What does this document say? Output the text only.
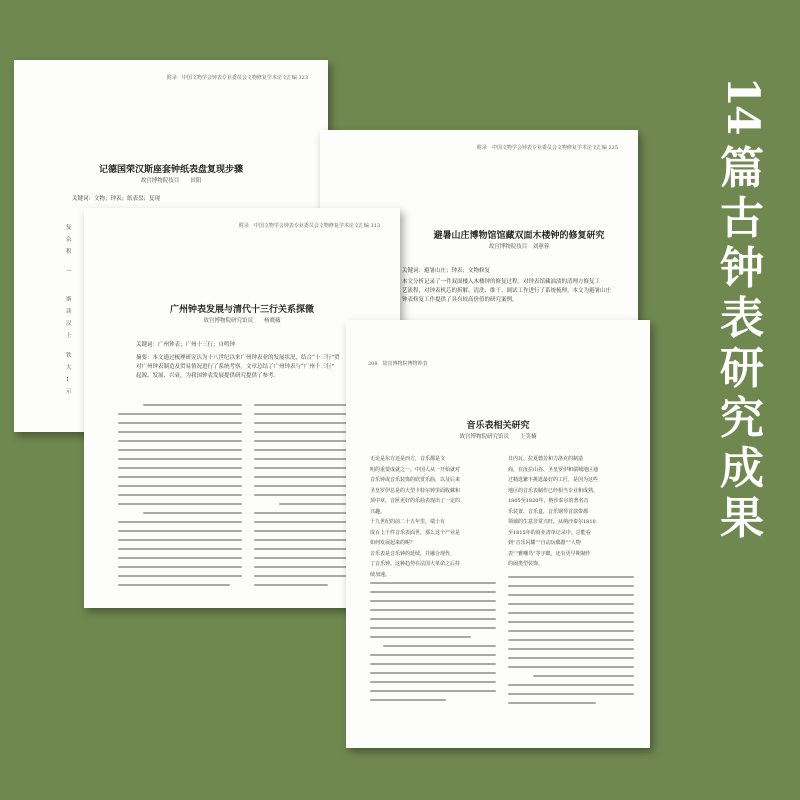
附录　中国文物学会钟表专业委员会文物修复学术论文汇编 323
记德国荣汉斯座套钟纸表盘复现步骤
故宫博物院技目　　田阳
关键词：文物；钟表；纸表盘；复现
复
杂
积
一
斯
读
汉
上
铁
大
1
示
附录　中国文物学会钟表专业委员会文物修复学术论文汇编 225
避暑山庄博物馆馆藏双面木楼钟的修复研究
故宫博物院技目　刘蕙蓉
关键词：避暑山庄；钟表；文物修复
本文分析记录了一件双面楼入木楼钟的修复过程。对钟表馆藏油渍的清理方修复工
艺流程，对钟表机芯的拆解、清洗、维干、调试工作进行了系统梳理。本文为避暑山庄
钟表修复工作提供了具有较高价值的研究案例。
附录　中国文物学会钟表专业委员会文物修复学术论文汇编 313
广州钟表发展与清代十三行关系探微
故宫博物院研究馆员　　杨晓薇
关键词：广州钟表；广州十三行；自鸣钟
摘要：本文通过梳理研究认为十八世纪以来广州钟表业的发展状况，结合“十三行”贸
对广州钟表制造及贸易情况进行了系统考察。文章总结了广州钟表与“广州十三行”
起源、发展、兴衰，为我国钟表发展提供研究提供了参考。
208　故宫博物院博物钟表
音乐表相关研究
故宫博物院研究馆员　　王笑楠
无论是东方还是西方，音乐都是文
明的重要成就之一。中国人从一开始就对
音乐钟或音乐装饰的欣赏乐曲，以及后来
圣皇罗伊总是的大型卡特尔钟里面收藏和
顶中章，音匣更好的乐曲表现出了一定的
兴趣。
十九世纪的前二十五年里，瑞士有
成百上千件音乐表面世。那么这个产业是
如何发展起来的呢？
音乐表是音乐钟的延续，并融合现代
了音乐钟。这种趋势在法国大革命之后持
续加速。
日内瓦、拉夏德芳和力洛克的制造
商，在汝拉山谷、圣皇罗伊和瑞城地区通
过精选繁丰挑选最好的工匠，是因为这些
地区的音乐表制作已经相当专业和成熟。
1805至1820年，纳沙泰尔的著名音
乐装置、音乐盒，音乐钢琴首款带都
领域的生意非常兴旺。从纳沙泰尔1810
至1815年的商业清单记录中，总能看
到“音乐闪耀”“自动玩偶器”“人物
表”“雅嘲鸟”等字眼，还有更早期制作
的闹类型装饰。
14
篇
古
钟
表
研
究
成
果
